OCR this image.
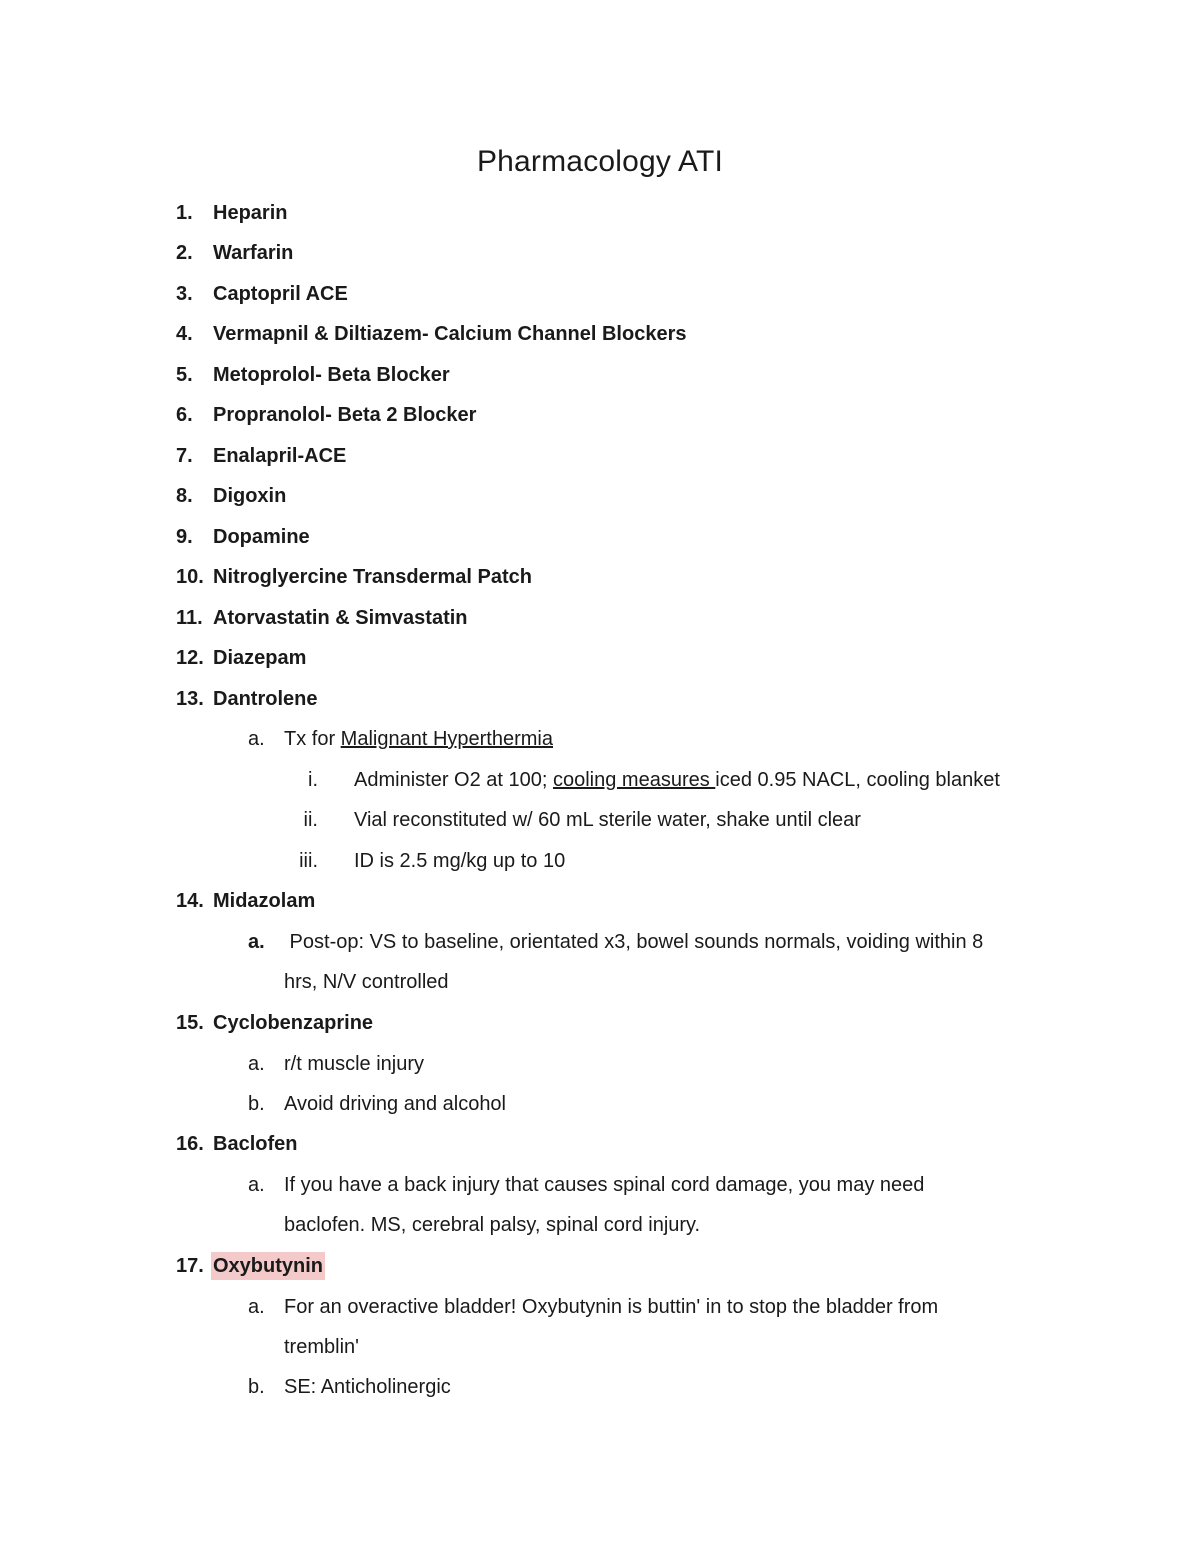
Pharmacology ATI
1. Heparin
2. Warfarin
3. Captopril ACE
4. Vermapnil & Diltiazem- Calcium Channel Blockers
5. Metoprolol- Beta Blocker
6. Propranolol- Beta 2 Blocker
7. Enalapril-ACE
8. Digoxin
9. Dopamine
10. Nitroglyercine Transdermal Patch
11. Atorvastatin & Simvastatin
12. Diazepam
13. Dantrolene
a. Tx for Malignant Hyperthermia
i. Administer O2 at 100; cooling measures iced 0.95 NACL, cooling blanket
ii. Vial reconstituted w/ 60 mL sterile water, shake until clear
iii. ID is 2.5 mg/kg up to 10
14. Midazolam
a. Post-op: VS to baseline, orientated x3, bowel sounds normals, voiding within 8
hrs, N/V controlled
15. Cyclobenzaprine
a. r/t muscle injury
b. Avoid driving and alcohol
16. Baclofen
a. If you have a back injury that causes spinal cord damage, you may need
baclofen. MS, cerebral palsy, spinal cord injury.
17. Oxybutynin
a. For an overactive bladder! Oxybutynin is buttin' in to stop the bladder from
tremblin'
b. SE: Anticholinergic
